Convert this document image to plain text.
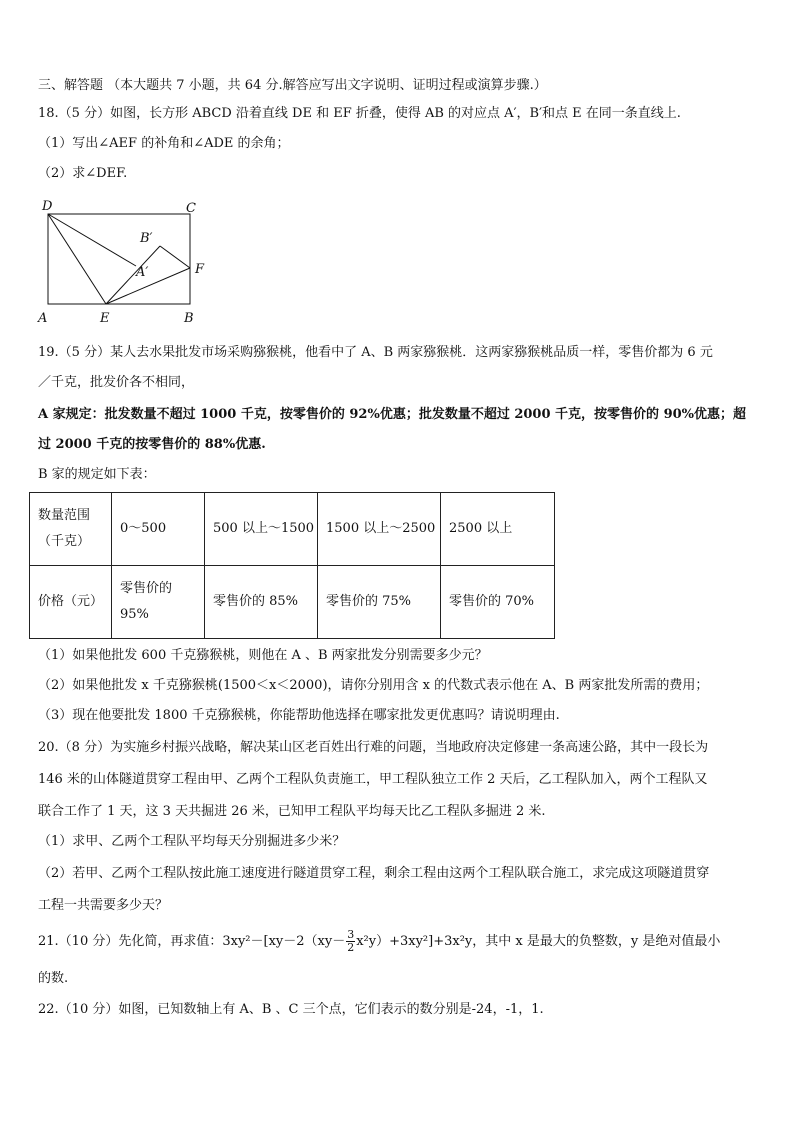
三、解答题 （本大题共 7 小题，共 64 分.解答应写出文字说明、证明过程或演算步骤.）
18.（5 分）如图，长方形 ABCD 沿着直线 DE 和 EF 折叠，使得 AB 的对应点 A′，B′和点 E 在同一条直线上.
（1）写出∠AEF 的补角和∠ADE 的余角；
（2）求∠DEF.
D	C
B′
A′	F
A	E	B
19.（5 分）某人去水果批发市场采购猕猴桃，他看中了 A、B 两家猕猴桃．这两家猕猴桃品质一样，零售价都为 6 元
／千克，批发价各不相同，
A 家规定：批发数量不超过 1000 千克，按零售价的 92%优惠；批发数量不超过 2000 千克，按零售价的 90%优惠；超
过 2000 千克的按零售价的 88%优惠.
B 家的规定如下表：
数量范围
（千克）	0～500	500 以上～1500	1500 以上～2500	2500 以上
价格（元）	零售价的
95%	零售价的 85%	零售价的 75%	零售价的 70%
（1）如果他批发 600 千克猕猴桃，则他在 A 、B 两家批发分别需要多少元？
（2）如果他批发 x 千克猕猴桃(1500＜x＜2000)，请你分别用含 x 的代数式表示他在 A、B 两家批发所需的费用；
（3）现在他要批发 1800 千克猕猴桃，你能帮助他选择在哪家批发更优惠吗？请说明理由.
20.（8 分）为实施乡村振兴战略，解决某山区老百姓出行难的问题，当地政府决定修建一条高速公路，其中一段长为
146 米的山体隧道贯穿工程由甲、乙两个工程队负责施工，甲工程队独立工作 2 天后，乙工程队加入，两个工程队又
联合工作了 1 天，这 3 天共掘进 26 米，已知甲工程队平均每天比乙工程队多掘进 2 米.
（1）求甲、乙两个工程队平均每天分别掘进多少米？
（2）若甲、乙两个工程队按此施工速度进行隧道贯穿工程，剩余工程由这两个工程队联合施工，求完成这项隧道贯穿
工程一共需要多少天？
21.（10 分）先化简，再求值：$3xy^2-[xy-2(xy- \frac{3}{2} x^2y)+3xy^2]+3x^2y$，其中 x 是最大的负整数，y 是绝对值最小
的数.
22.（10 分）如图，已知数轴上有 A、B 、C 三个点，它们表示的数分别是-24，-1，1.
